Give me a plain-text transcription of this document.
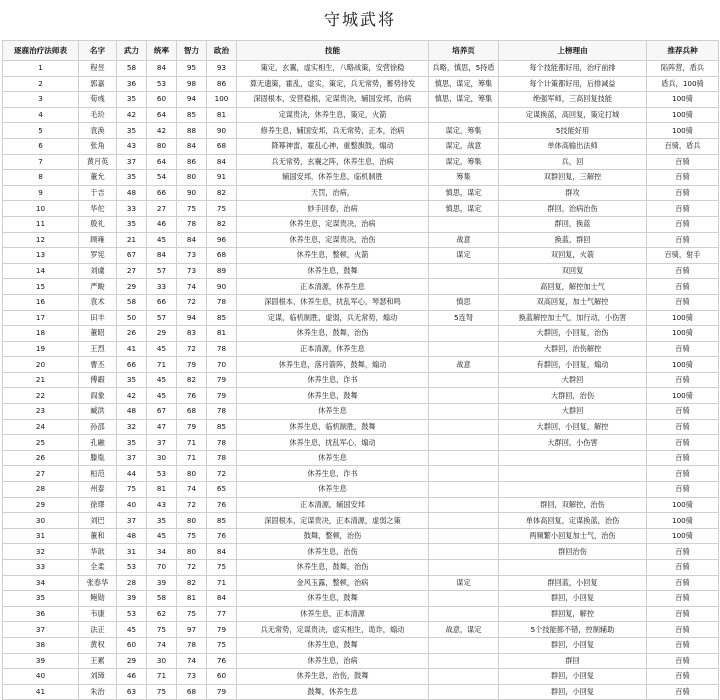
守城武将
逐鹿治疗法师表	名字	武力	统率	智力	政治	技能	培养页	上榜理由	推荐兵种
1	程昱	58	84	95	93	策定，玄翼，虚实相生，八略战策，安营徐稳	兵略，慎思，5持盾	每个技能都好用，治疗前排	陷阵营，盾兵
2	郭嘉	36	53	98	86	算无遗策，霍乱，虚实，策定，兵无常势，蓄势待发	慎思，谋定，筹集	每个计策都好用，后排减益	盾兵，100骑
3	荀彧	35	60	94	100	深固根本，安营稳根，定谋贵决，辅国安邦，治病	慎思，谋定，筹集	绝强军师，三高回复技能	100骑
4	毛玠	42	64	85	81	定谋贵决，休养生息，策定，火箭		定谋换蓝，高回复，策定打城	100骑
5	袁涣	35	42	88	90	修养生息，辅国安邦，兵无常势，正本，治病	谋定，筹集	5技能好用	100骑
6	张角	43	80	84	68	降幂神雷，霍乱心神，重整旗鼓，煽动	谋定，战意	单体高输出法师	百骑，盾兵
7	黄月英	37	64	86	84	兵无常势，玄襄之阵，休养生息，治病	谋定，筹集	兵，回	百骑
8	董允	35	54	80	91	辅国安邦，休养生息，临机制胜	筹集	双群回复，三解控	百骑
9	于吉	48	66	90	82	天罚，治病，	慎思，谋定	群攻	百骑
10	华佗	33	27	75	75	妙手回春，治病	慎思，谋定	群回，治病治伤	百骑
11	殷礼	35	46	78	82	休养生息，定谋贵决，治病		群回，换蓝	百骑
12	顾雍	21	45	84	96	休养生息，定谋贵决，治伤	战意	换蓝，群回	百骑
13	罗宪	67	84	73	68	休养生息，整顿，火箭	谋定	双回复，火箭	百骑，射手
14	刘虞	27	57	73	89	休养生息，鼓舞		双回复	百骑
15	严畯	29	33	74	90	正本清源，休养生息		高回复，解控加士气	百骑
16	袁术	58	66	72	78	深固根本，休养生息，扰乱军心，琴瑟和鸣	慎思	双高回复，加士气解控	百骑
17	田丰	50	57	94	85	定谋，临机制胜，虚弱，兵无常势，煽动	5连弩	换蓝解控加士气，加行动，小伤害	100骑
18	董昭	26	29	83	81	休养生息，鼓舞，治伤		大群回，小回复，治伤	100骑
19	王烈	41	45	72	78	正本清源，休养生息		大群回，治伤解控	百骑
20	曹丕	66	71	79	70	休养生息，落月箭阵，鼓舞，煽动	战意	有群回，小回复，煽动	100骑
21	傅嘏	35	45	82	79	休养生息，诈书		大群回	百骑
22	阎象	42	45	76	79	休养生息，鼓舞		大群回，治伤	100骑
23	臧洪	48	67	68	78	休养生息		大群回	百骑
24	孙邵	32	47	79	85	休养生息，临机制胜，鼓舞		大群回，小回复，解控	百骑
25	孔融	35	37	71	78	休养生息，扰乱军心，煽动		大群回，小伤害	百骑
26	滕胤	37	30	71	78	休养生息			百骑
27	桓范	44	53	80	72	休养生息，诈书			百骑
28	州泰	75	81	74	65	休养生息			百骑
29	徐璆	40	43	72	76	正本清源，辅国安邦		群回，双解控，治伤	100骑
30	刘巴	37	35	80	85	深固根本，定谋贵决，正本清源，虚弱之策		单体高回复，定谋换蓝，治伤	100骑
31	董和	48	45	75	76	鼓舞，整顿，治伤		两频繁小回复加士气，治伤	100骑
32	华歆	31	34	80	84	休养生息，治伤		群回治伤	百骑
33	全柔	53	70	72	75	休养生息，鼓舞，治伤			百骑
34	张春华	28	39	82	71	金风玉露，整顿，治病	谋定	群回蓝，小回复	百骑
35	鲍勋	39	58	81	84	休养生息，鼓舞		群回，小回复	百骑
36	韦康	53	62	75	77	休养生息，正本清源		群回复，解控	百骑
37	法正	45	75	97	79	兵无常势，定谋贵决，虚实相生，诡诈，煽动	战意，谋定	5个技能都不错，控制辅助	百骑
38	黄权	60	74	78	75	休养生息，鼓舞		群回，小回复	百骑
39	王累	29	30	74	76	休养生息，治病		群回	百骑
40	刘璋	46	71	73	60	休养生息，治伤，鼓舞		群回，小回复	百骑
41	朱治	63	75	68	79	鼓舞，休养生息		群回，小回复	百骑
